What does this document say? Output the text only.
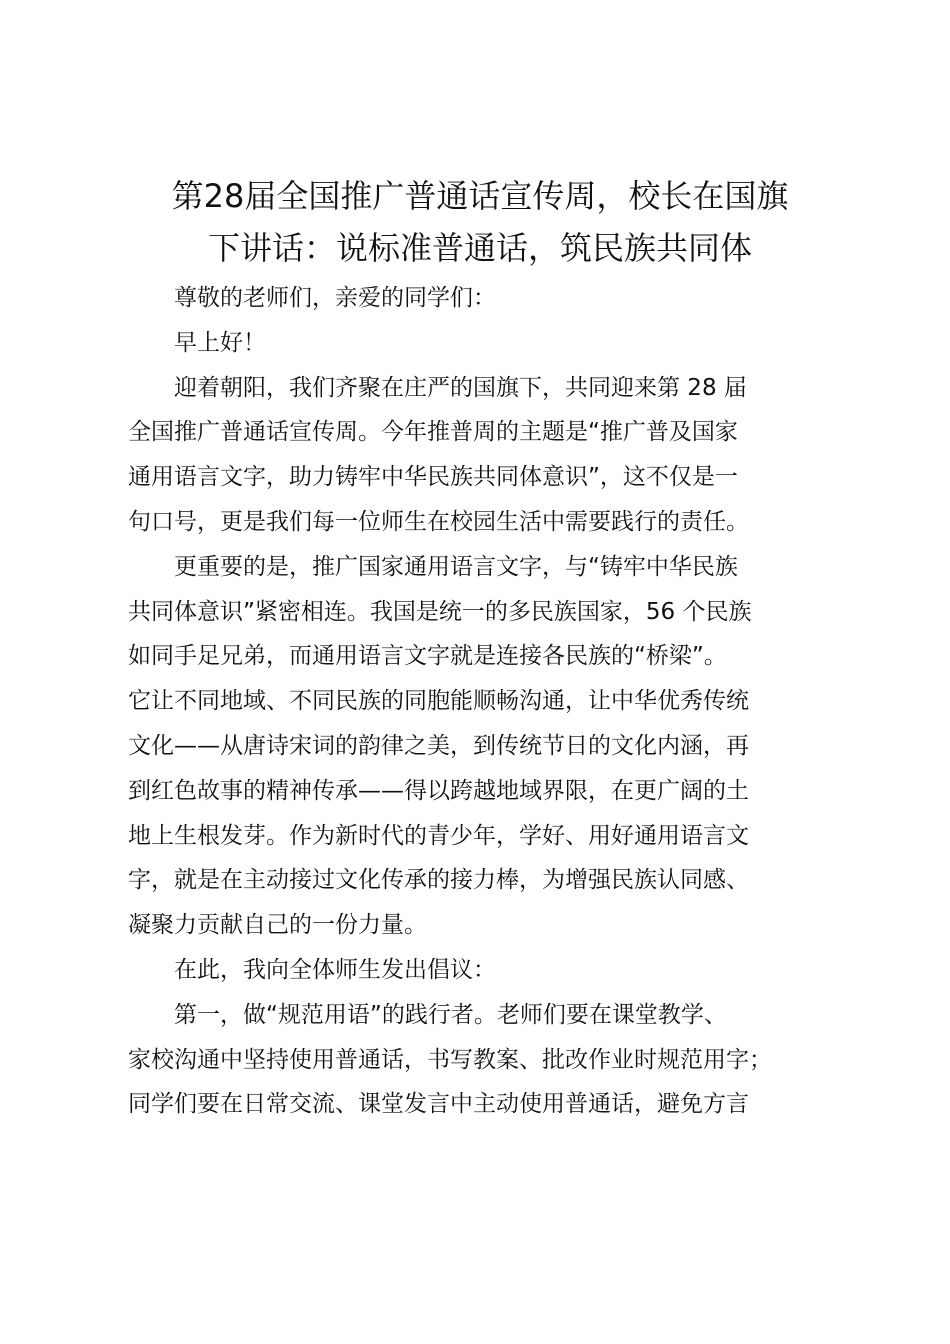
第28届全国推广普通话宣传周，校长在国旗
下讲话：说标准普通话，筑民族共同体

尊敬的老师们，亲爱的同学们：

早上好！

迎着朝阳，我们齐聚在庄严的国旗下，共同迎来第 28 届
全国推广普通话宣传周。今年推普周的主题是“推广普及国家
通用语言文字，助力铸牢中华民族共同体意识”，这不仅是一
句口号，更是我们每一位师生在校园生活中需要践行的责任。

更重要的是，推广国家通用语言文字，与“铸牢中华民族
共同体意识”紧密相连。我国是统一的多民族国家，56 个民族
如同手足兄弟，而通用语言文字就是连接各民族的“桥梁”。
它让不同地域、不同民族的同胞能顺畅沟通，让中华优秀传统
文化——从唐诗宋词的韵律之美，到传统节日的文化内涵，再
到红色故事的精神传承——得以跨越地域界限，在更广阔的土
地上生根发芽。作为新时代的青少年，学好、用好通用语言文
字，就是在主动接过文化传承的接力棒，为增强民族认同感、
凝聚力贡献自己的一份力量。

在此，我向全体师生发出倡议：

第一，做“规范用语”的践行者。老师们要在课堂教学、
家校沟通中坚持使用普通话，书写教案、批改作业时规范用字；
同学们要在日常交流、课堂发言中主动使用普通话，避免方言
